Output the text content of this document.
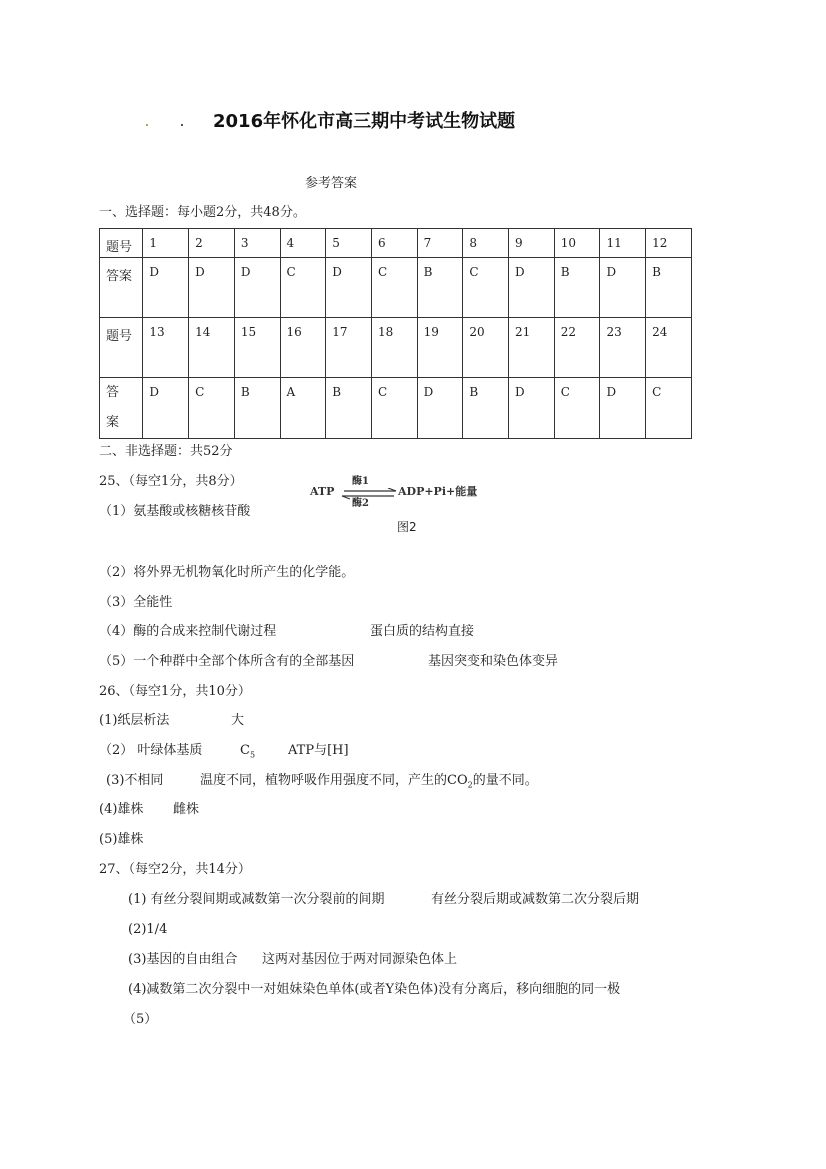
2016年怀化市高三期中考试生物试题
参考答案
一、选择题：每小题2分，共48分。
题号	1	2	3	4	5	6	7	8	9	10	11	12
答案	D	D	D	C	D	C	B	C	D	B	D	B
题号	13	14	15	16	17	18	19	20	21	22	23	24
答
案	D	C	B	A	B	C	D	B	D	C	D	C
二、非选择题：共52分
25、（每空1分，共8分）
（1）氨基酸或核糖核苷酸
ATP
酶1
酶2
ADP+Pi+能量
图2
（2）将外界无机物氧化时所产生的化学能。
（3）全能性
（4）酶的合成来控制代谢过程	蛋白质的结构直接
（5）一个种群中全部个体所含有的全部基因	基因突变和染色体变异
26、（每空1分，共10分）
(1)纸层析法	大
（2） 叶绿体基质	$C_5$	ATP与[H]
(3)不相同	温度不同，植物呼吸作用强度不同，产生的$CO_2$的量不同。
(4)雄株 雌株
(5)雄株
27、（每空2分，共14分）
(1) 有丝分裂间期或减数第一次分裂前的间期	有丝分裂后期或减数第二次分裂后期
(2)1/4
(3)基因的自由组合 这两对基因位于两对同源染色体上
(4)减数第二次分裂中一对姐妹染色单体(或者Y染色体)没有分离后，移向细胞的同一极
（5）
